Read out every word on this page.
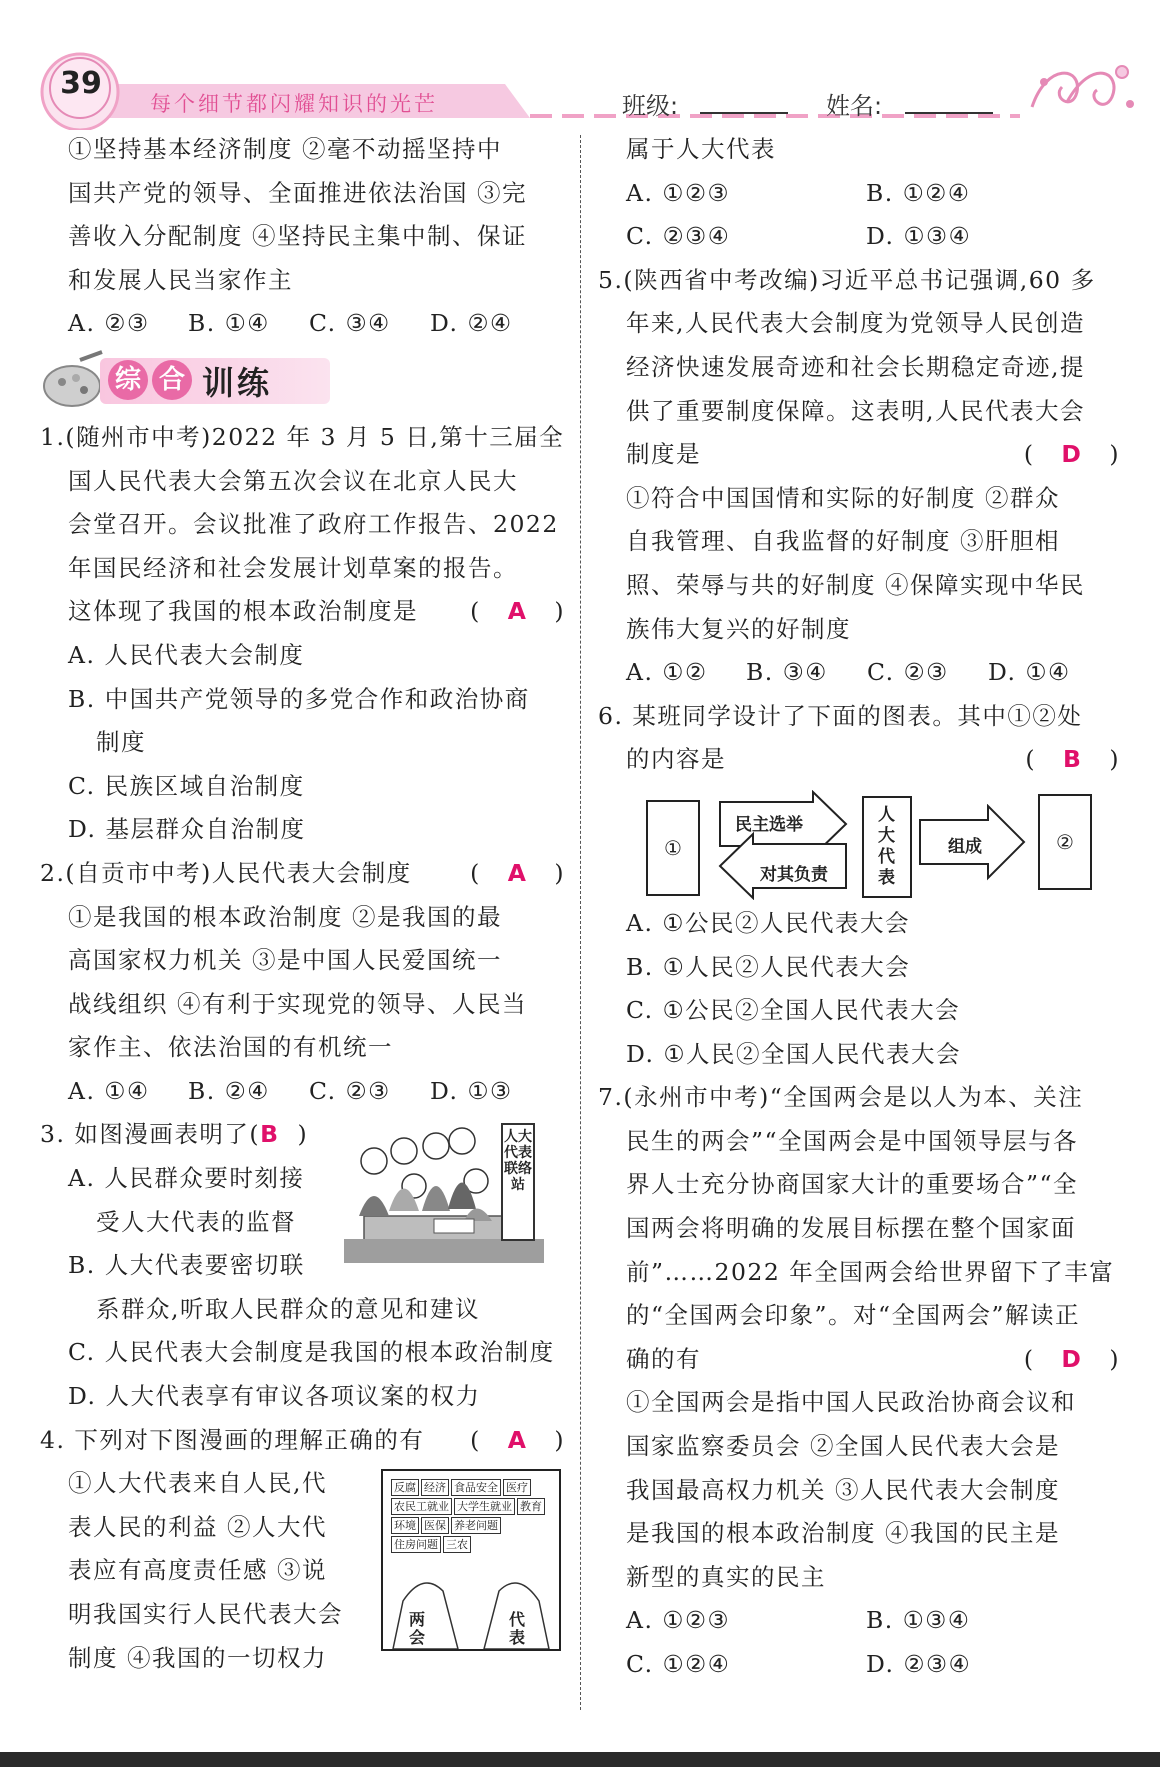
39
每个细节都闪耀知识的光芒	班级:	姓名:

①坚持基本经济制度 ②毫不动摇坚持中

国共产党的领导、全面推进依法治国 ③完

善收入分配制度 ④坚持民主集中制、保证

和发展人民当家作主

A. ②③	B. ①④	C. ③④	D. ②④
综 合 训练

1.(随州市中考)2022 年 3 月 5 日,第十三届全

国人民代表大会第五次会议在北京人民大

会堂召开。会议批准了政府工作报告、2022

年国民经济和社会发展计划草案的报告。

这体现了我国的根本政治制度是 (   A   )

A. 人民代表大会制度

B. 中国共产党领导的多党合作和政治协商

制度

C. 民族区域自治制度

D. 基层群众自治制度

2.(自贡市中考)人民代表大会制度 (   A   )

①是我国的根本政治制度 ②是我国的最

高国家权力机关 ③是中国人民爱国统一

战线组织 ④有利于实现党的领导、人民当

家作主、依法治国的有机统一

A. ①④	B. ②④	C. ②③	D. ①③

3. 如图漫画表明了(B )

A. 人民群众要时刻接

受人大代表的监督

B. 人大代表要密切联

系群众,听取人民群众的意见和建议

C. 人民代表大会制度是我国的根本政治制度

D. 人大代表享有审议各项议案的权力

人大代表联络站

4. 下列对下图漫画的理解正确的有 (   A   )

①人大代表来自人民,代

表人民的利益 ②人大代

表应有高度责任感 ③说

明我国实行人民代表大会

制度 ④我国的一切权力

反腐 经济 食品安全 医疗
农民工就业 大学生就业 教育
环境 医保 养老问题
住房问题 三农
两会
代表

属于人大代表

A. ①②③	B. ①②④
C. ②③④	D. ①③④

5.(陕西省中考改编)习近平总书记强调,60 多

年来,人民代表大会制度为党领导人民创造

经济快速发展奇迹和社会长期稳定奇迹,提

供了重要制度保障。这表明,人民代表大会

制度是	(   D   )

①符合中国国情和实际的好制度 ②群众

自我管理、自我监督的好制度 ③肝胆相

照、荣辱与共的好制度 ④保障实现中华民

族伟大复兴的好制度

A. ①②	B. ③④	C. ②③	D. ①④

6. 某班同学设计了下面的图表。其中①②处

的内容是	(   B   )

①
民主选举
对其负责
人大代表
组成	②

A. ①公民②人民代表大会

B. ①人民②人民代表大会

C. ①公民②全国人民代表大会

D. ①人民②全国人民代表大会

7.(永州市中考)“全国两会是以人为本、关注

民生的两会”“全国两会是中国领导层与各

界人士充分协商国家大计的重要场合”“全

国两会将明确的发展目标摆在整个国家面

前”……2022 年全国两会给世界留下了丰富

的“全国两会印象”。对“全国两会”解读正

确的有	(   D   )

①全国两会是指中国人民政治协商会议和

国家监察委员会 ②全国人民代表大会是

我国最高权力机关 ③人民代表大会制度

是我国的根本政治制度 ④我国的民主是

新型的真实的民主

A. ①②③	B. ①③④
C. ①②④	D. ②③④
